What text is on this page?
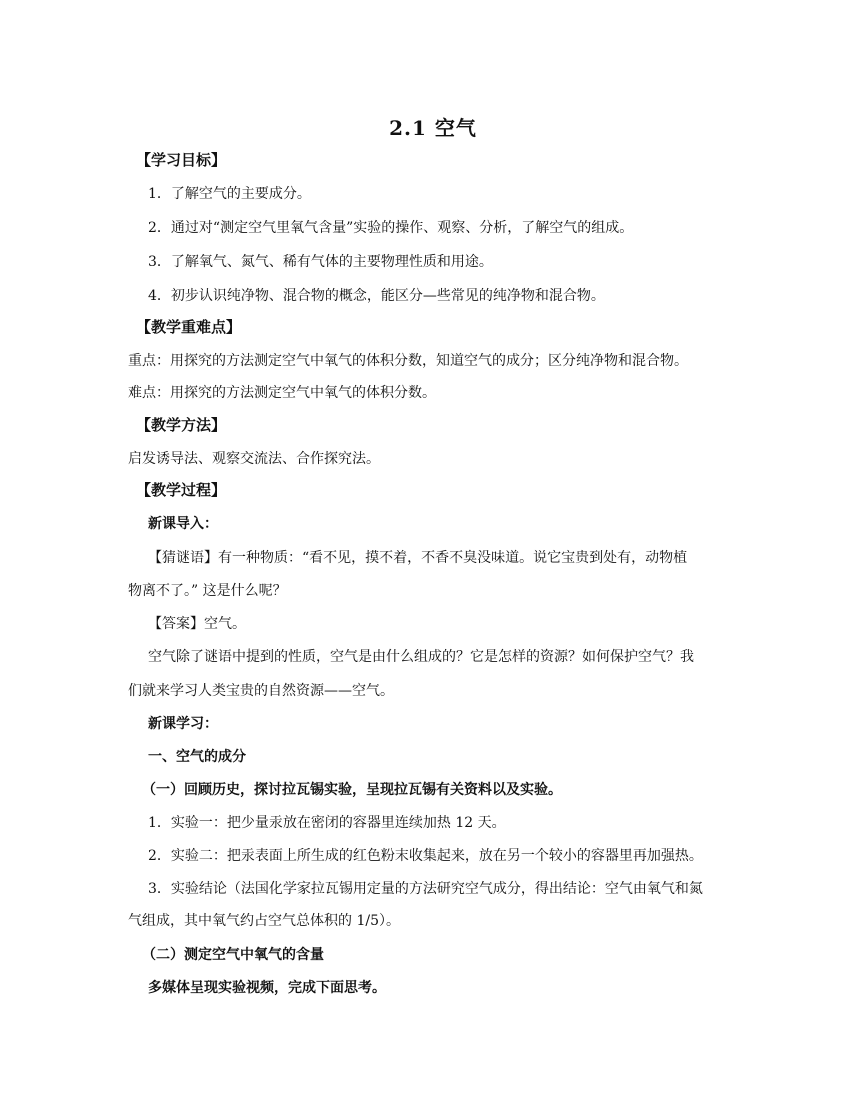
2.1 空气
【学习目标】
1．了解空气的主要成分。
2．通过对“测定空气里氧气含量”实验的操作、观察、分析，了解空气的组成。
3．了解氧气、氮气、稀有气体的主要物理性质和用途。
4．初步认识纯净物、混合物的概念，能区分—些常见的纯净物和混合物。
【教学重难点】
重点：用探究的方法测定空气中氧气的体积分数，知道空气的成分；区分纯净物和混合物。
难点：用探究的方法测定空气中氧气的体积分数。
【教学方法】
启发诱导法、观察交流法、合作探究法。
【教学过程】
新课导入：
【猜谜语】有一种物质：“看不见，摸不着，不香不臭没味道。说它宝贵到处有，动物植
物离不了。” 这是什么呢？
【答案】空气。
空气除了谜语中提到的性质，空气是由什么组成的？它是怎样的资源？如何保护空气？我
们就来学习人类宝贵的自然资源——空气。
新课学习：
一、空气的成分
（一）回顾历史，探讨拉瓦锡实验，呈现拉瓦锡有关资料以及实验。
1．实验一：把少量汞放在密闭的容器里连续加热 12 天。
2．实验二：把汞表面上所生成的红色粉末收集起来，放在另一个较小的容器里再加强热。
3．实验结论（法国化学家拉瓦锡用定量的方法研究空气成分，得出结论：空气由氧气和氮
气组成，其中氧气约占空气总体积的 1/5）。
（二）测定空气中氧气的含量
多媒体呈现实验视频，完成下面思考。
